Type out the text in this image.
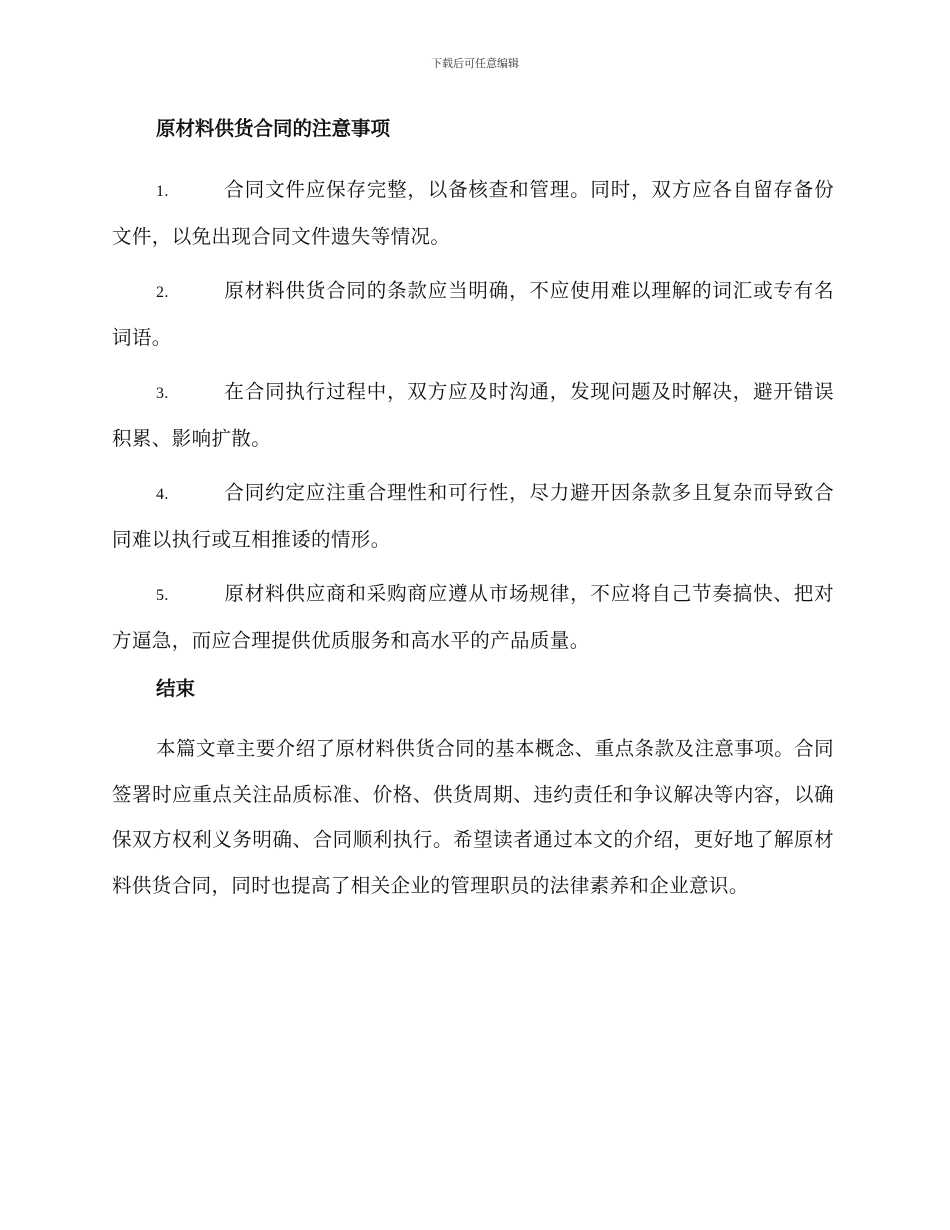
下载后可任意编辑
原材料供货合同的注意事项

1.	合同文件应保存完整，以备核查和管理。同时，双方应各自留存备份文件，以免出现合同文件遗失等情况。

2.	原材料供货合同的条款应当明确，不应使用难以理解的词汇或专有名词语。

3.	在合同执行过程中，双方应及时沟通，发现问题及时解决，避开错误积累、影响扩散。

4.	合同约定应注重合理性和可行性，尽力避开因条款多且复杂而导致合同难以执行或互相推诿的情形。

5.	原材料供应商和采购商应遵从市场规律，不应将自己节奏搞快、把对方逼急，而应合理提供优质服务和高水平的产品质量。

结束

本篇文章主要介绍了原材料供货合同的基本概念、重点条款及注意事项。合同签署时应重点关注品质标准、价格、供货周期、违约责任和争议解决等内容，以确保双方权利义务明确、合同顺利执行。希望读者通过本文的介绍，更好地了解原材料供货合同，同时也提高了相关企业的管理职员的法律素养和企业意识。
